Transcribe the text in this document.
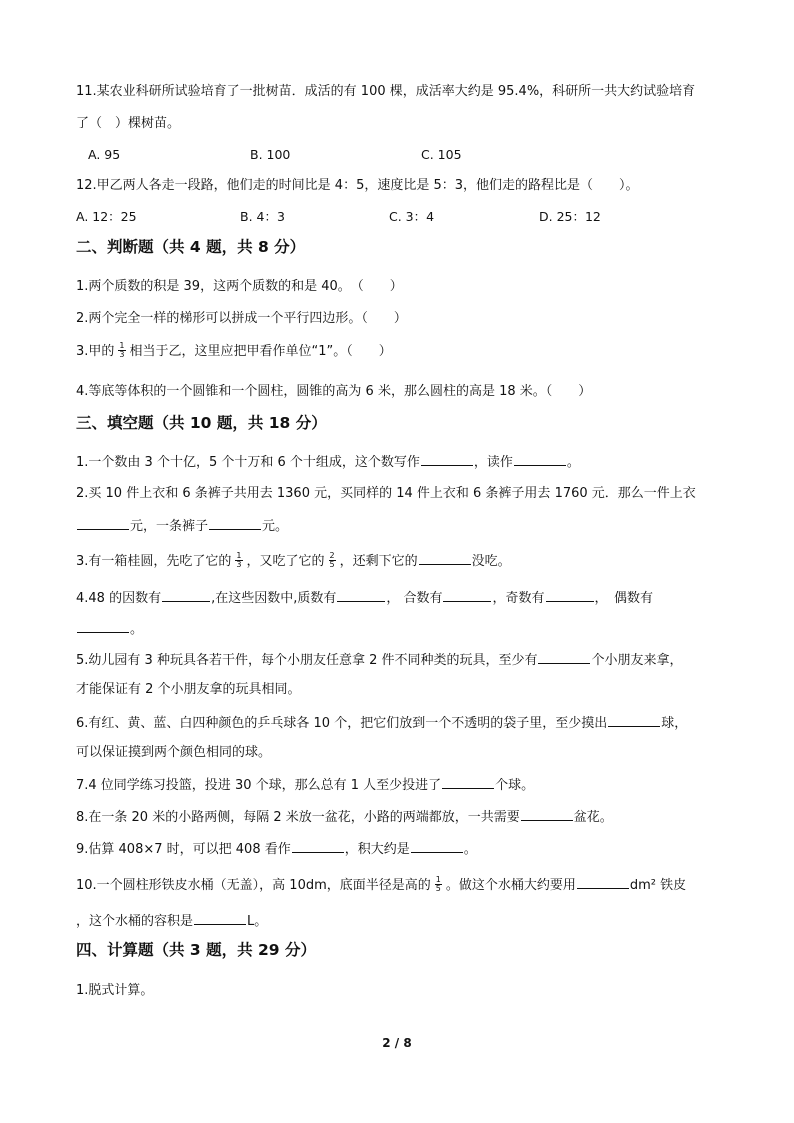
11.某农业科研所试验培育了一批树苗．成活的有 100 棵，成活率大约是 95.4%，科研所一共大约试验培育
了（　）棵树苗。
A. 95	B. 100	C. 105
12.甲乙两人各走一段路，他们走的时间比是 4：5，速度比是 5：3，他们走的路程比是（　　）。
A. 12：25	B. 4：3	C. 3：4	D. 25：12
二、判断题（共 4 题，共 8 分）
1.两个质数的积是 39，这两个质数的和是 40。　（　　）
2.两个完全一样的梯形可以拼成一个平行四边形。（　　）
3.甲的 $\frac{1}{3}$ 相当于乙，这里应把甲看作单位“1”。（　　）
4.等底等体积的一个圆锥和一个圆柱，圆锥的高为 6 米，那么圆柱的高是 18 米。（　　）
三、填空题（共 10 题，共 18 分）
1.一个数由 3 个十亿，5 个十万和 6 个十组成，这个数写作	，读作	。
2.买 10 件上衣和 6 条裤子共用去 1360 元，买同样的 14 件上衣和 6 条裤子用去 1760 元．那么一件上衣
元，一条裤子	元。
3.有一箱桂圆，先吃了它的 $\frac{1}{3}$ ，又吃了它的 $\frac{2}{5}$ ，还剩下它的	没吃。
4.48 的因数有	,在这些因数中,质数有	， 合数有	，奇数有	，　偶数有
。
5.幼儿园有 3 种玩具各若干件，每个小朋友任意拿 2 件不同种类的玩具，至少有	个小朋友来拿，
才能保证有 2 个小朋友拿的玩具相同。
6.有红、黄、蓝、白四种颜色的乒乓球各 10 个，把它们放到一个不透明的袋子里，至少摸出	球，
可以保证摸到两个颜色相同的球。
7.4 位同学练习投篮，投进 30 个球，那么总有 1 人至少投进了	个球。
8.在一条 20 米的小路两侧，每隔 2 米放一盆花，小路的两端都放，一共需要	盆花。
9.估算 408×7 时，可以把 408 看作	，积大约是	。
10.一个圆柱形铁皮水桶（无盖），高 10dm，底面半径是高的 $\frac{1}{5}$ 。做这个水桶大约要用	dm² 铁皮
，这个水桶的容积是	L。
四、计算题（共 3 题，共 29 分）
1.脱式计算。
2 / 8
